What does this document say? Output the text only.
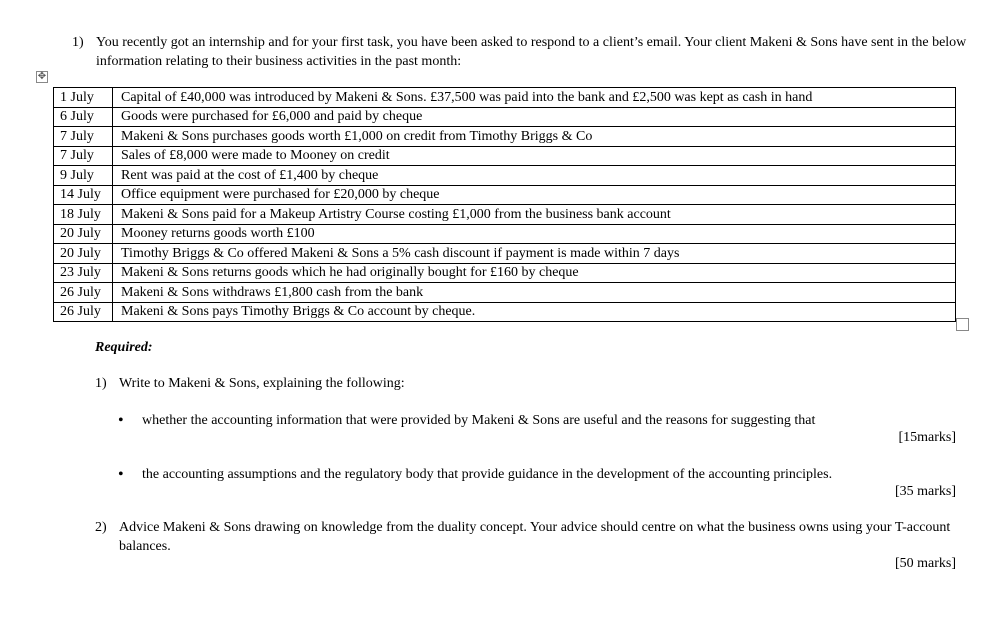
1) You recently got an internship and for your first task, you have been asked to respond to a client’s email. Your client Makeni & Sons have sent in the below information relating to their business activities in the past month:
✥
1 July	Capital of £40,000 was introduced by Makeni & Sons. £37,500 was paid into the bank and £2,500 was kept as cash in hand
6 July	Goods were purchased for £6,000 and paid by cheque
7 July	Makeni & Sons purchases goods worth £1,000 on credit from Timothy Briggs & Co
7 July	Sales of £8,000 were made to Mooney on credit
9 July	Rent was paid at the cost of £1,400 by cheque
14 July	Office equipment were purchased for £20,000 by cheque
18 July	Makeni & Sons paid for a Makeup Artistry Course costing £1,000 from the business bank account
20 July	Mooney returns goods worth £100
20 July	Timothy Briggs & Co offered Makeni & Sons a 5% cash discount if payment is made within 7 days
23 July	Makeni & Sons returns goods which he had originally bought for £160 by cheque
26 July	Makeni & Sons withdraws £1,800 cash from the bank
26 July	Makeni & Sons pays Timothy Briggs & Co account by cheque.
Required:
1) Write to Makeni & Sons, explaining the following:
• whether the accounting information that were provided by Makeni & Sons are useful and the reasons for suggesting that
[15marks]
• the accounting assumptions and the regulatory body that provide guidance in the development of the accounting principles.
[35 marks]
2) Advice Makeni & Sons drawing on knowledge from the duality concept. Your advice should centre on what the business owns using your T-account balances.
[50 marks]
